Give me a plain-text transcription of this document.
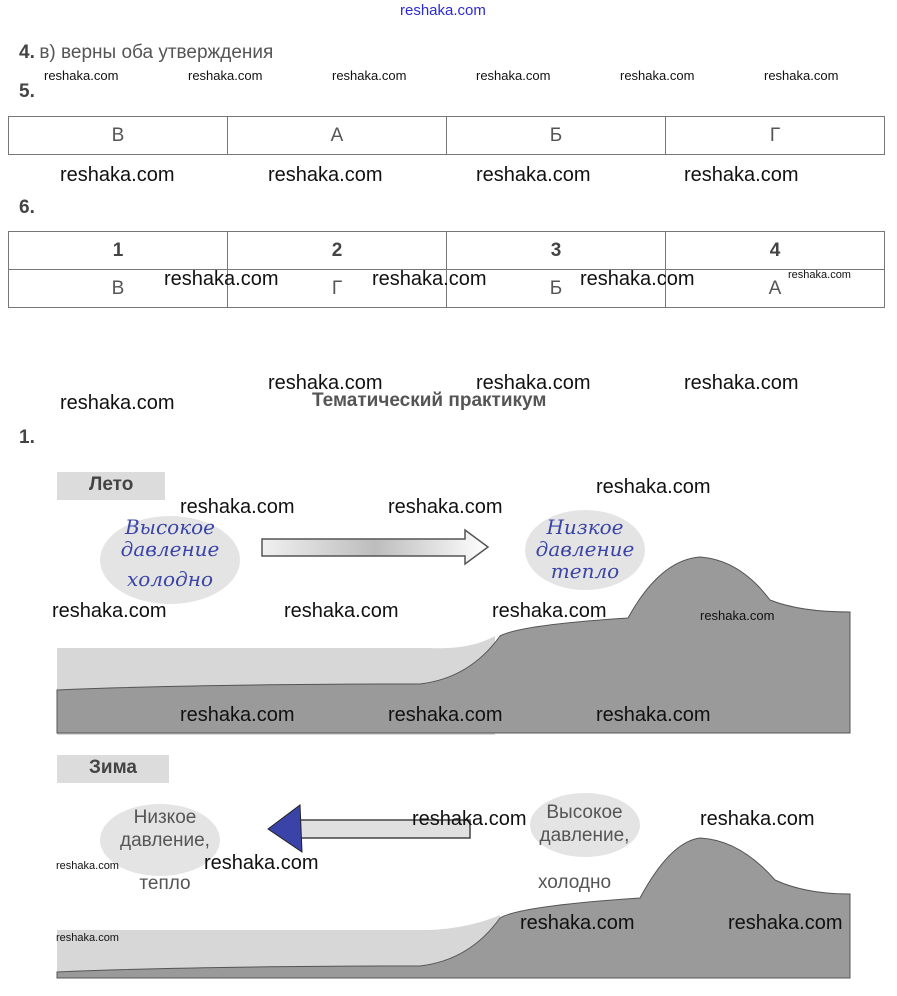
reshaka.com
4. в) верны оба утверждения
reshaka.com	reshaka.com	reshaka.com	reshaka.com	reshaka.com	reshaka.com
5.
В	А	Б	Г
reshaka.com	reshaka.com	reshaka.com	reshaka.com
6.
1	2	3	4
В	Г	Б	А
reshaka.com	reshaka.com	reshaka.com	reshaka.com
reshaka.com	reshaka.com	reshaka.com
Тематический практикум
reshaka.com
1.
Лето
Высокое
давление
холодно
Низкое
давление
тепло
Зима
Низкое
давление,
тепло
Высокое
давление,
холодно
reshaka.com	reshaka.com
reshaka.com
reshaka.com	reshaka.com	reshaka.com	reshaka.com
reshaka.com	reshaka.com	reshaka.com
reshaka.com	reshaka.com
reshaka.com
reshaka.com
reshaka.com	reshaka.com
reshaka.com
